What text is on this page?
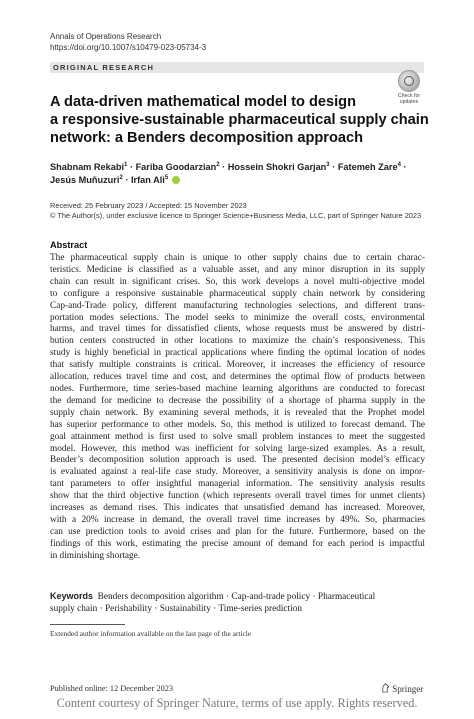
Annals of Operations Research
https://doi.org/10.1007/s10479-023-05734-3
ORIGINAL RESEARCH
Check for
updates
A data-driven mathematical model to design
a responsive-sustainable pharmaceutical supply chain
network: a Benders decomposition approach
Shabnam Rekabi$^1$ · Fariba Goodarzian$^2$ · Hossein Shokri Garjan$^3$ · Fatemeh Zare$^4$ ·
Jesús Muñuzuri$^2$ · Irfan Ali$^5$
Received: 25 February 2023 / Accepted: 15 November 2023
© The Author(s), under exclusive licence to Springer Science+Business Media, LLC, part of Springer Nature 2023
Abstract
The pharmaceutical supply chain is unique to other supply chains due to certain charac-
teristics. Medicine is classified as a valuable asset, and any minor disruption in its supply
chain can result in significant crises. So, this work develops a novel multi-objective model
to configure a responsive sustainable pharmaceutical supply chain network by considering
Cap-and-Trade policy, different manufacturing technologies selections, and different trans-
portation modes selections. The model seeks to minimize the overall costs, environmental
harms, and travel times for dissatisfied clients, whose requests must be answered by distri-
bution centers constructed in other locations to maximize the chain’s responsiveness. This
study is highly beneficial in practical applications where finding the optimal location of nodes
that satisfy multiple constraints is critical. Moreover, it increases the efficiency of resource
allocation, reduces travel time and cost, and determines the optimal flow of products between
nodes. Furthermore, time series-based machine learning algorithms are conducted to forecast
the demand for medicine to decrease the possibility of a shortage of pharma supply in the
supply chain network. By examining several methods, it is revealed that the Prophet model
has superior performance to other models. So, this method is utilized to forecast demand. The
goal attainment method is first used to solve small problem instances to meet the suggested
model. However, this method was inefficient for solving large-sized examples. As a result,
Bender’s decomposition solution approach is used. The presented decision model’s efficacy
is evaluated against a real-life case study. Moreover, a sensitivity analysis is done on impor-
tant parameters to offer insightful managerial information. The sensitivity analysis results
show that the third objective function (which represents overall travel times for unmet clients)
increases as demand rises. This indicates that unsatisfied demand has increased. Moreover,
with a 20% increase in demand, the overall travel time increases by 49%. So, pharmacies
can use prediction tools to avoid crises and plan for the future. Furthermore, based on the
findings of this work, estimating the precise amount of demand for each period is impactful
in diminishing shortage.
Keywords Benders decomposition algorithm · Cap-and-trade policy · Pharmaceutical
supply chain · Perishability · Sustainability · Time-series prediction
Extended author information available on the last page of the article
Published online: 12 December 2023	Springer
Content courtesy of Springer Nature, terms of use apply. Rights reserved.
